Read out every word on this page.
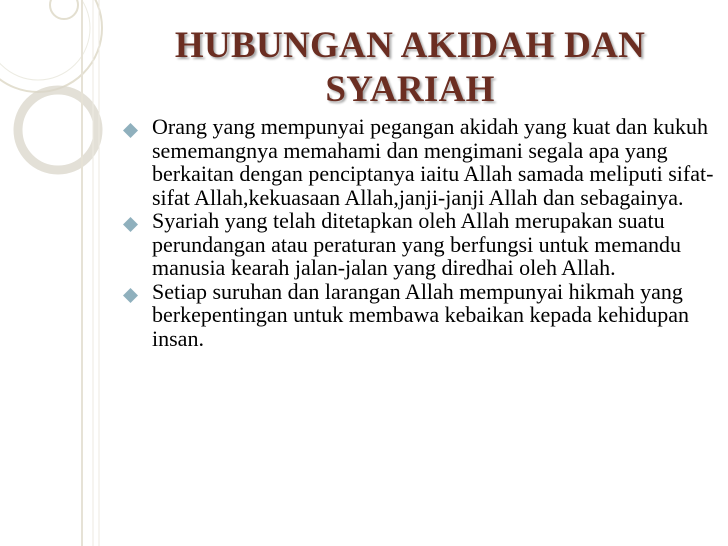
HUBUNGAN AKIDAH DAN SYARIAH
Orang yang mempunyai pegangan akidah yang kuat dan kukuh sememangnya memahami dan mengimani segala apa yang berkaitan dengan penciptanya iaitu Allah samada meliputi sifat-sifat Allah,kekuasaan Allah,janji-janji Allah dan sebagainya.
Syariah yang telah ditetapkan oleh Allah merupakan suatu perundangan atau peraturan yang berfungsi untuk memandu manusia kearah jalan-jalan yang diredhai oleh Allah.
Setiap suruhan dan larangan Allah mempunyai hikmah yang berkepentingan untuk membawa kebaikan kepada kehidupan insan.
